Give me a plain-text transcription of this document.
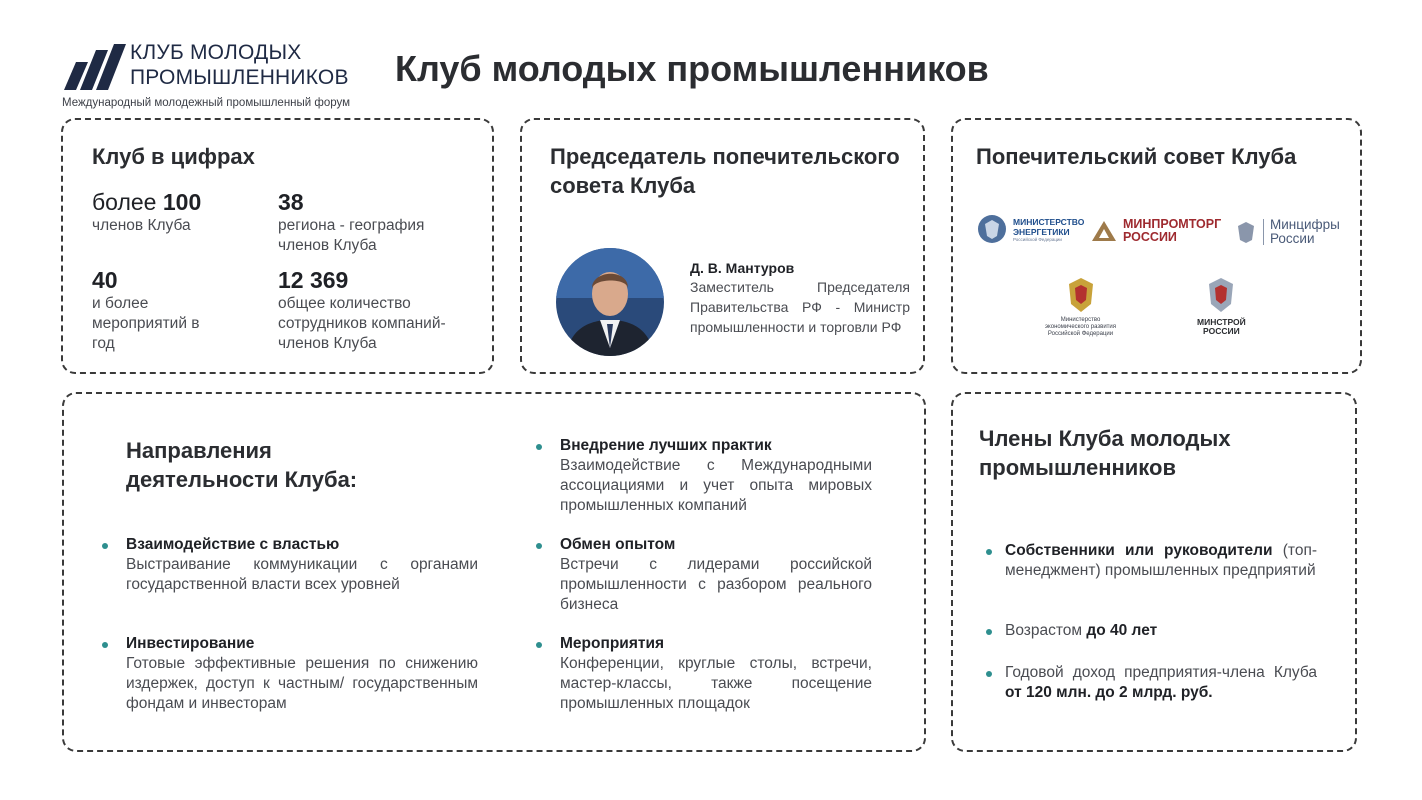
КЛУБ МОЛОДЫХ
ПРОМЫШЛЕННИКОВ
Международный молодежный промышленный форум
Клуб молодых промышленников
Клуб в цифрах
более 100
членов Клуба
38
региона - география членов Клуба
40
и более мероприятий в год
12 369
общее количество сотрудников компаний-членов Клуба
Председатель попечительского совета Клуба
Д. В. Мантуров
Заместитель Председателя Правительства РФ - Министр промышленности и торговли РФ
Попечительский совет Клуба
МИНИСТЕРСТВО
ЭНЕРГЕТИКИ
Российской Федерации
МИНПРОМТОРГ
РОССИИ
Минцифры
России
Министерство
экономического развития
Российской Федерации
МИНСТРОЙ
РОССИИ
Направления деятельности Клуба:
Взаимодействие с властью
Выстраивание коммуникации с органами государственной власти всех уровней
Инвестирование
Готовые эффективные решения по снижению издержек, доступ к частным/ государственным фондам и инвесторам
Внедрение лучших практик
Взаимодействие с Международными ассоциациями и учет опыта мировых промышленных компаний
Обмен опытом
Встречи с лидерами российской промышленности с разбором реального бизнеса
Мероприятия
Конференции, круглые столы, встречи, мастер-классы, также посещение промышленных площадок
Члены Клуба молодых промышленников
Собственники или руководители (топ-менеджмент) промышленных предприятий
Возрастом до 40 лет
Годовой доход предприятия-члена Клуба от 120 млн. до 2 млрд. руб.
